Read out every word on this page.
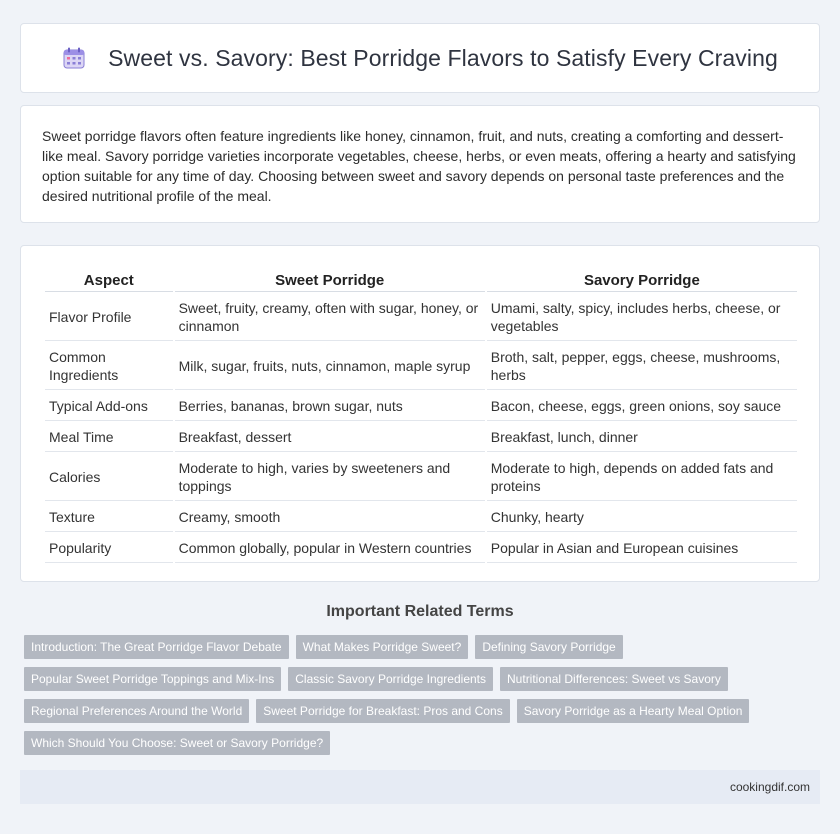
Sweet vs. Savory: Best Porridge Flavors to Satisfy Every Craving

Sweet porridge flavors often feature ingredients like honey, cinnamon, fruit, and nuts, creating a comforting and dessert-like meal. Savory porridge varieties incorporate vegetables, cheese, herbs, or even meats, offering a hearty and satisfying option suitable for any time of day. Choosing between sweet and savory depends on personal taste preferences and the desired nutritional profile of the meal.

Aspect	Sweet Porridge	Savory Porridge
Flavor Profile	Sweet, fruity, creamy, often with sugar, honey, or cinnamon	Umami, salty, spicy, includes herbs, cheese, or vegetables
Common Ingredients	Milk, sugar, fruits, nuts, cinnamon, maple syrup	Broth, salt, pepper, eggs, cheese, mushrooms, herbs
Typical Add-ons	Berries, bananas, brown sugar, nuts	Bacon, cheese, eggs, green onions, soy sauce
Meal Time	Breakfast, dessert	Breakfast, lunch, dinner
Calories	Moderate to high, varies by sweeteners and toppings	Moderate to high, depends on added fats and proteins
Texture	Creamy, smooth	Chunky, hearty
Popularity	Common globally, popular in Western countries	Popular in Asian and European cuisines
Important Related Terms
Introduction: The Great Porridge Flavor Debate	What Makes Porridge Sweet?	Defining Savory Porridge
Popular Sweet Porridge Toppings and Mix-Ins	Classic Savory Porridge Ingredients	Nutritional Differences: Sweet vs Savory
Regional Preferences Around the World	Sweet Porridge for Breakfast: Pros and Cons	Savory Porridge as a Hearty Meal Option
Which Should You Choose: Sweet or Savory Porridge?
cookingdif.com
